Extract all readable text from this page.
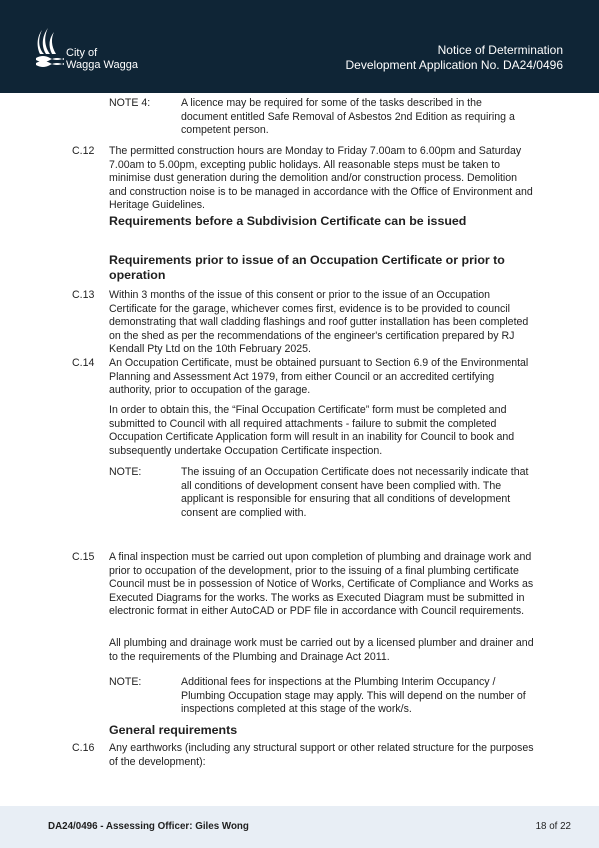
City of
Wagga Wagga
Notice of Determination
Development Application No. DA24/0496
NOTE 4:	A licence may be required for some of the tasks described in the document entitled Safe Removal of Asbestos 2nd Edition as requiring a competent person.
C.12 The permitted construction hours are Monday to Friday 7.00am to 6.00pm and Saturday 7.00am to 5.00pm, excepting public holidays. All reasonable steps must be taken to minimise dust generation during the demolition and/or construction process. Demolition and construction noise is to be managed in accordance with the Office of Environment and Heritage Guidelines.
Requirements before a Subdivision Certificate can be issued
Requirements prior to issue of an Occupation Certificate or prior to operation
C.13 Within 3 months of the issue of this consent or prior to the issue of an Occupation Certificate for the garage, whichever comes first, evidence is to be provided to council demonstrating that wall cladding flashings and roof gutter installation has been completed on the shed as per the recommendations of the engineer's certification prepared by RJ Kendall Pty Ltd on the 10th February 2025.
C.14 An Occupation Certificate, must be obtained pursuant to Section 6.9 of the Environmental Planning and Assessment Act 1979, from either Council or an accredited certifying authority, prior to occupation of the garage.
In order to obtain this, the “Final Occupation Certificate” form must be completed and submitted to Council with all required attachments - failure to submit the completed Occupation Certificate Application form will result in an inability for Council to book and subsequently undertake Occupation Certificate inspection.
NOTE:	The issuing of an Occupation Certificate does not necessarily indicate that all conditions of development consent have been complied with. The applicant is responsible for ensuring that all conditions of development consent are complied with.
C.15 A final inspection must be carried out upon completion of plumbing and drainage work and prior to occupation of the development, prior to the issuing of a final plumbing certificate Council must be in possession of Notice of Works, Certificate of Compliance and Works as Executed Diagrams for the works. The works as Executed Diagram must be submitted in electronic format in either AutoCAD or PDF file in accordance with Council requirements.
All plumbing and drainage work must be carried out by a licensed plumber and drainer and to the requirements of the Plumbing and Drainage Act 2011.
NOTE:	Additional fees for inspections at the Plumbing Interim Occupancy / Plumbing Occupation stage may apply. This will depend on the number of inspections completed at this stage of the work/s.
General requirements
C.16 Any earthworks (including any structural support or other related structure for the purposes of the development):
DA24/0496 - Assessing Officer: Giles Wong	18 of 22
